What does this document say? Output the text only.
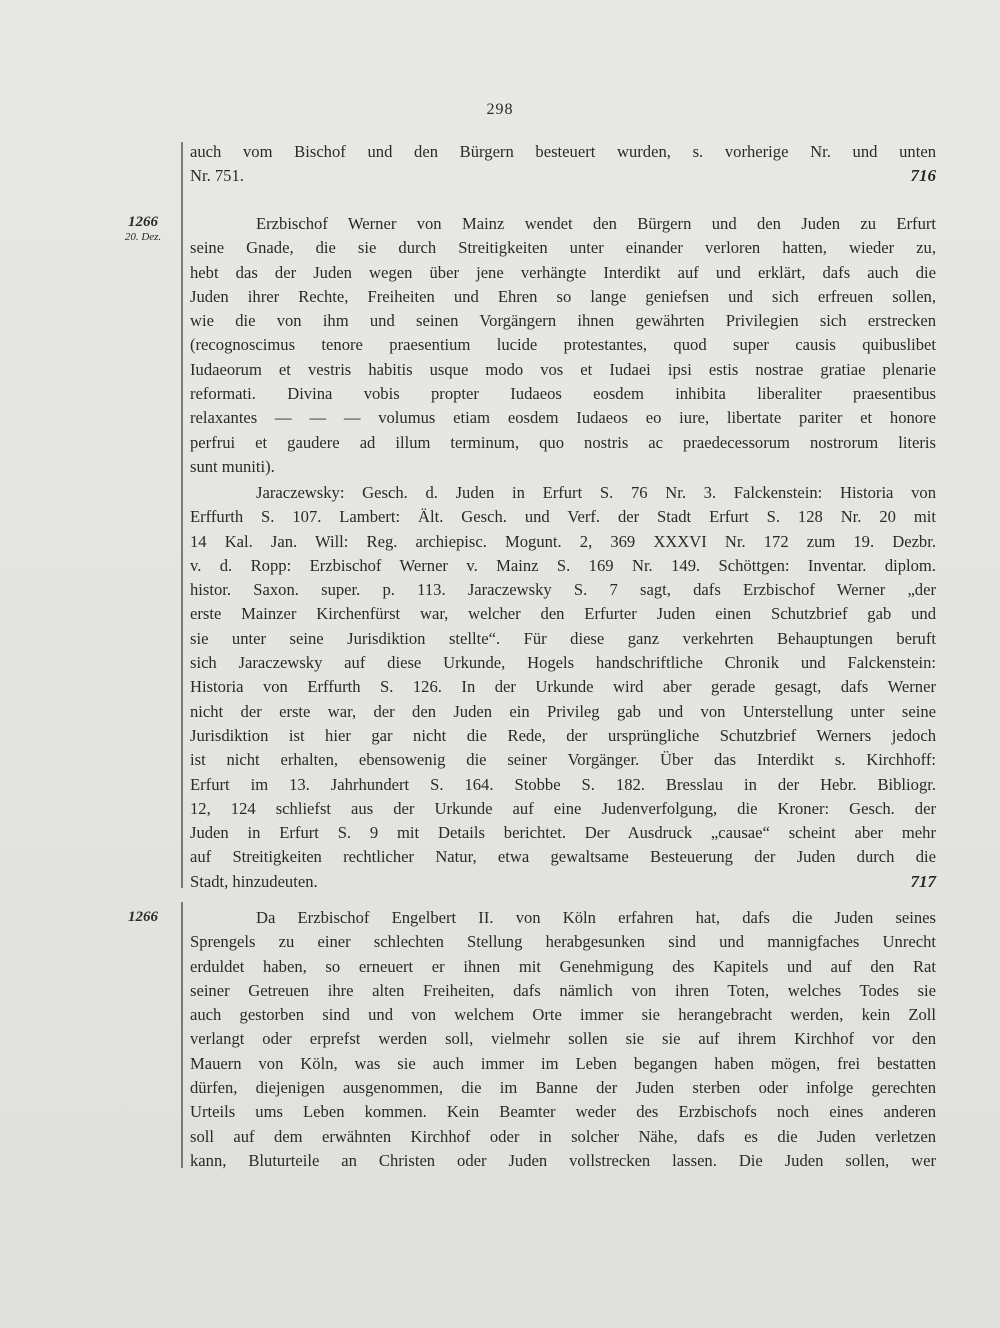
298

auch vom Bischof und den Bürgern besteuert wurden, s. vorherige Nr. und unten

Nr. 751.	716
1266
20. Dez.

Erzbischof Werner von Mainz wendet den Bürgern und den Juden zu Erfurt

seine Gnade, die sie durch Streitigkeiten unter einander verloren hatten, wieder zu,

hebt das der Juden wegen über jene verhängte Interdikt auf und erklärt, dafs auch die

Juden ihrer Rechte, Freiheiten und Ehren so lange geniefsen und sich erfreuen sollen,

wie die von ihm und seinen Vorgängern ihnen gewährten Privilegien sich erstrecken

(recognoscimus tenore praesentium lucide protestantes, quod super causis quibuslibet

Iudaeorum et vestris habitis usque modo vos et Iudaei ipsi estis nostrae gratiae plenarie

reformati. Divina vobis propter Iudaeos eosdem inhibita liberaliter praesentibus

relaxantes — — — volumus etiam eosdem Iudaeos eo iure, libertate pariter et honore

perfrui et gaudere ad illum terminum, quo nostris ac praedecessorum nostrorum literis

sunt muniti).

Jaraczewsky: Gesch. d. Juden in Erfurt S. 76 Nr. 3. Falckenstein: Historia von

Erffurth S. 107. Lambert: Ält. Gesch. und Verf. der Stadt Erfurt S. 128 Nr. 20 mit

14 Kal. Jan. Will: Reg. archiepisc. Mogunt. 2, 369 XXXVI Nr. 172 zum 19. Dezbr.

v. d. Ropp: Erzbischof Werner v. Mainz S. 169 Nr. 149. Schöttgen: Inventar. diplom.

histor. Saxon. super. p. 113. Jaraczewsky S. 7 sagt, dafs Erzbischof Werner „der

erste Mainzer Kirchenfürst war, welcher den Erfurter Juden einen Schutzbrief gab und

sie unter seine Jurisdiktion stellte“. Für diese ganz verkehrten Behauptungen beruft

sich Jaraczewsky auf diese Urkunde, Hogels handschriftliche Chronik und Falckenstein:

Historia von Erffurth S. 126. In der Urkunde wird aber gerade gesagt, dafs Werner

nicht der erste war, der den Juden ein Privileg gab und von Unterstellung unter seine

Jurisdiktion ist hier gar nicht die Rede, der ursprüngliche Schutzbrief Werners jedoch

ist nicht erhalten, ebensowenig die seiner Vorgänger. Über das Interdikt s. Kirchhoff:

Erfurt im 13. Jahrhundert S. 164. Stobbe S. 182. Bresslau in der Hebr. Bibliogr.

12, 124 schliefst aus der Urkunde auf eine Judenverfolgung, die Kroner: Gesch. der

Juden in Erfurt S. 9 mit Details berichtet. Der Ausdruck „causae“ scheint aber mehr

auf Streitigkeiten rechtlicher Natur, etwa gewaltsame Besteuerung der Juden durch die

Stadt, hinzudeuten.	717
1266	Da Erzbischof Engelbert II. von Köln erfahren hat, dafs die Juden seines

Sprengels zu einer schlechten Stellung herabgesunken sind und mannigfaches Unrecht

erduldet haben, so erneuert er ihnen mit Genehmigung des Kapitels und auf den Rat

seiner Getreuen ihre alten Freiheiten, dafs nämlich von ihren Toten, welches Todes sie

auch gestorben sind und von welchem Orte immer sie herangebracht werden, kein Zoll

verlangt oder erprefst werden soll, vielmehr sollen sie sie auf ihrem Kirchhof vor den

Mauern von Köln, was sie auch immer im Leben begangen haben mögen, frei bestatten

dürfen, diejenigen ausgenommen, die im Banne der Juden sterben oder infolge gerechten

Urteils ums Leben kommen. Kein Beamter weder des Erzbischofs noch eines anderen

soll auf dem erwähnten Kirchhof oder in solcher Nähe, dafs es die Juden verletzen

kann, Bluturteile an Christen oder Juden vollstrecken lassen. Die Juden sollen, wer
